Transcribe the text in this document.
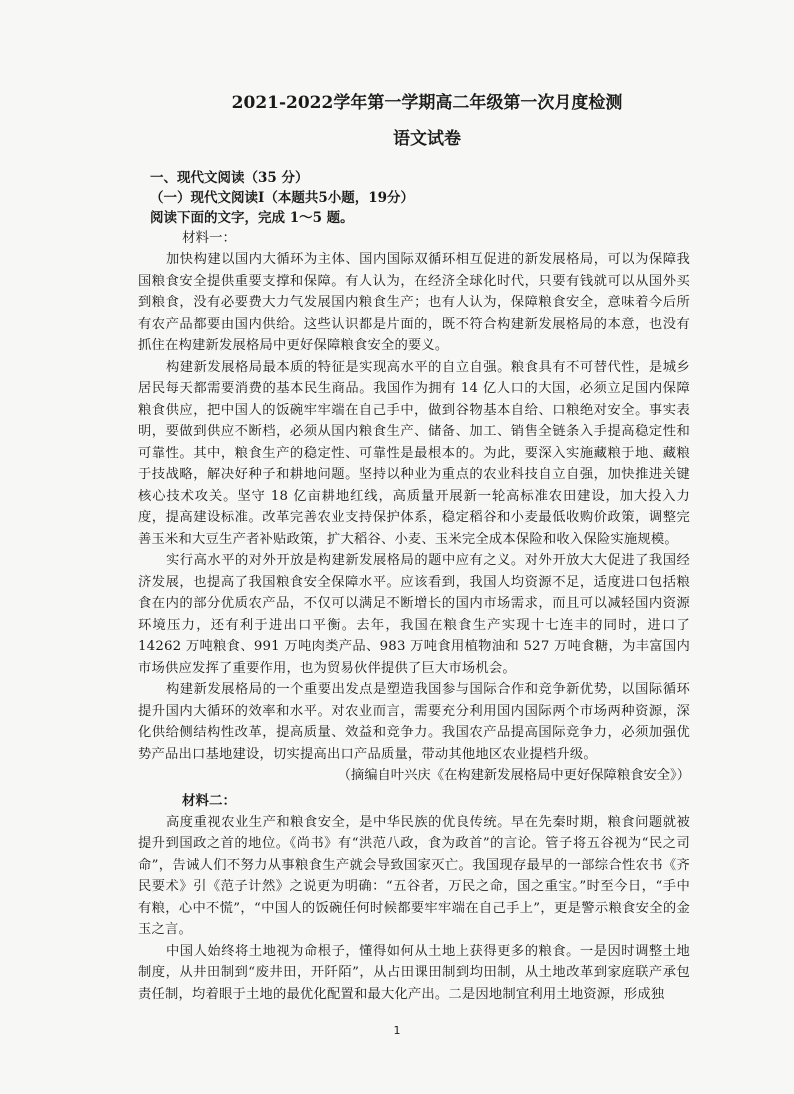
2021-2022学年第一学期高二年级第一次月度检测
语文试卷

一、现代文阅读（35 分）

（一）现代文阅读Ⅰ（本题共5小题，19分）

阅读下面的文字，完成 1～5 题。

材料一：

加快构建以国内大循环为主体、国内国际双循环相互促进的新发展格局，可以为保障我国粮食安全提供重要支撑和保障。有人认为，在经济全球化时代，只要有钱就可以从国外买到粮食，没有必要费大力气发展国内粮食生产；也有人认为，保障粮食安全，意味着今后所有农产品都要由国内供给。这些认识都是片面的，既不符合构建新发展格局的本意，也没有抓住在构建新发展格局中更好保障粮食安全的要义。

构建新发展格局最本质的特征是实现高水平的自立自强。粮食具有不可替代性，是城乡居民每天都需要消费的基本民生商品。我国作为拥有 14 亿人口的大国，必须立足国内保障粮食供应，把中国人的饭碗牢牢端在自己手中，做到谷物基本自给、口粮绝对安全。事实表明，要做到供应不断档，必须从国内粮食生产、储备、加工、销售全链条入手提高稳定性和可靠性。其中，粮食生产的稳定性、可靠性是最根本的。为此，要深入实施藏粮于地、藏粮于技战略，解决好种子和耕地问题。坚持以种业为重点的农业科技自立自强，加快推进关键核心技术攻关。坚守 18 亿亩耕地红线，高质量开展新一轮高标准农田建设，加大投入力度，提高建设标准。改革完善农业支持保护体系，稳定稻谷和小麦最低收购价政策，调整完善玉米和大豆生产者补贴政策，扩大稻谷、小麦、玉米完全成本保险和收入保险实施规模。

实行高水平的对外开放是构建新发展格局的题中应有之义。对外开放大大促进了我国经济发展，也提高了我国粮食安全保障水平。应该看到，我国人均资源不足，适度进口包括粮食在内的部分优质农产品，不仅可以满足不断增长的国内市场需求，而且可以减轻国内资源环境压力，还有利于进出口平衡。去年，我国在粮食生产实现十七连丰的同时，进口了 14262 万吨粮食、991 万吨肉类产品、983 万吨食用植物油和 527 万吨食糖，为丰富国内市场供应发挥了重要作用，也为贸易伙伴提供了巨大市场机会。

构建新发展格局的一个重要出发点是塑造我国参与国际合作和竞争新优势，以国际循环提升国内大循环的效率和水平。对农业而言，需要充分利用国内国际两个市场两种资源，深化供给侧结构性改革，提高质量、效益和竞争力。我国农产品提高国际竞争力，必须加强优势产品出口基地建设，切实提高出口产品质量，带动其他地区农业提档升级。

（摘编自叶兴庆《在构建新发展格局中更好保障粮食安全》）

材料二：

高度重视农业生产和粮食安全，是中华民族的优良传统。早在先秦时期，粮食问题就被提升到国政之首的地位。《尚书》有“洪范八政，食为政首”的言论。管子将五谷视为“民之司命”，告诫人们不努力从事粮食生产就会导致国家灭亡。我国现存最早的一部综合性农书《齐民要术》引《范子计然》之说更为明确：“五谷者，万民之命，国之重宝。”时至今日，“手中有粮，心中不慌”，“中国人的饭碗任何时候都要牢牢端在自己手上”，更是警示粮食安全的金玉之言。

中国人始终将土地视为命根子，懂得如何从土地上获得更多的粮食。一是因时调整土地制度，从井田制到“废井田，开阡陌”，从占田课田制到均田制，从土地改革到家庭联产承包责任制，均着眼于土地的最优化配置和最大化产出。二是因地制宜利用土地资源，形成独

1
